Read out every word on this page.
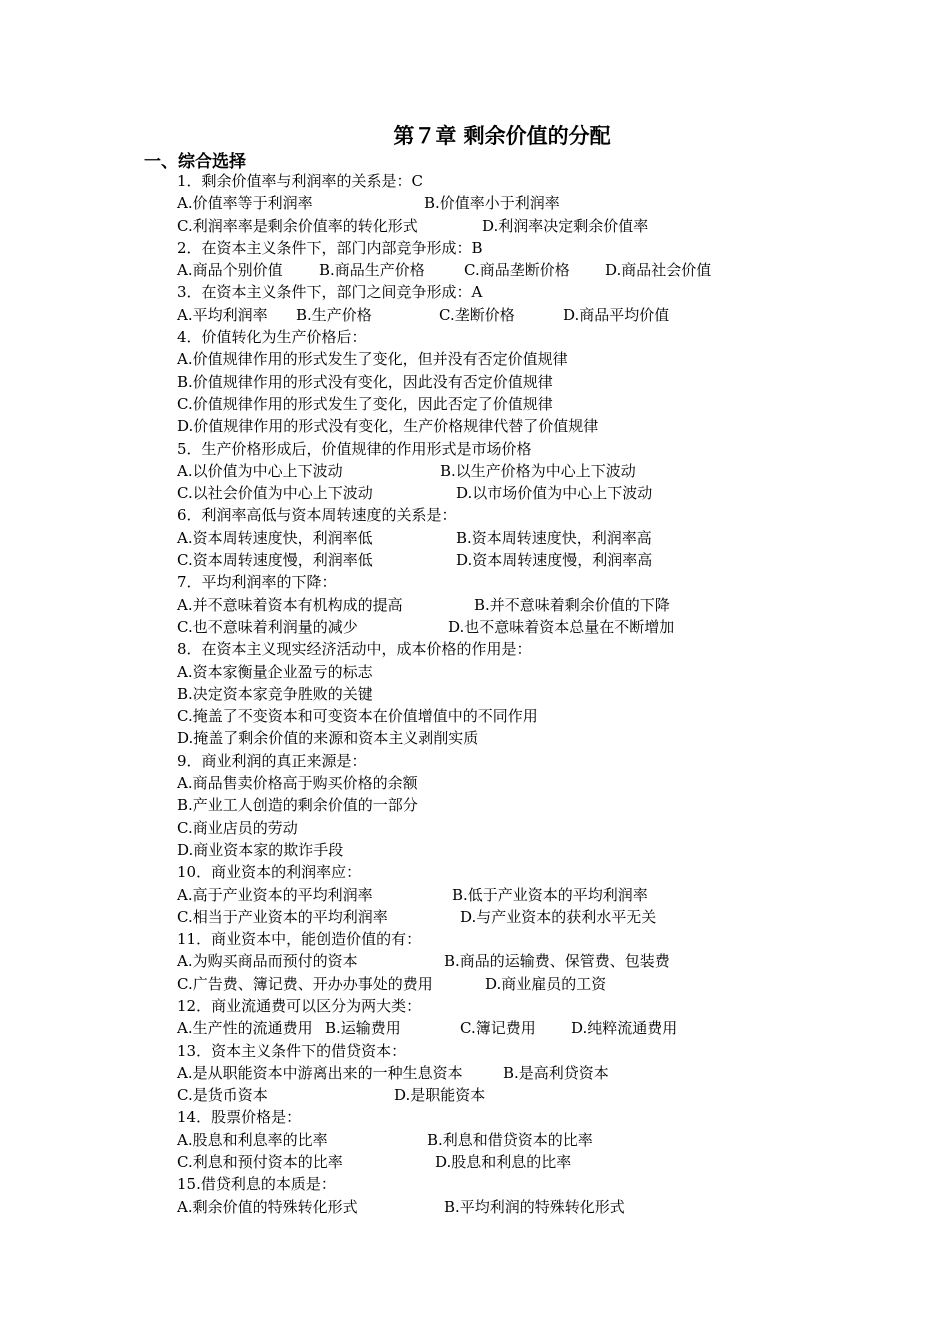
第７章 剩余价值的分配
一、综合选择
1．剩余价值率与利润率的关系是：C
A.价值率等于利润率	B.价值率小于利润率
C.利润率率是剩余价值率的转化形式	D.利润率决定剩余价值率
2．在资本主义条件下，部门内部竞争形成：B
A.商品个别价值 B.商品生产价格	C.商品垄断价格 D.商品社会价值
3．在资本主义条件下，部门之间竞争形成：A
A.平均利润率 B.生产价格	C.垄断价格	D.商品平均价值
4．价值转化为生产价格后：
A.价值规律作用的形式发生了变化，但并没有否定价值规律
B.价值规律作用的形式没有变化，因此没有否定价值规律
C.价值规律作用的形式发生了变化，因此否定了价值规律
D.价值规律作用的形式没有变化，生产价格规律代替了价值规律
5．生产价格形成后，价值规律的作用形式是市场价格
A.以价值为中心上下波动	B.以生产价格为中心上下波动
C.以社会价值为中心上下波动	D.以市场价值为中心上下波动
6．利润率高低与资本周转速度的关系是：
A.资本周转速度快，利润率低	B.资本周转速度快，利润率高
C.资本周转速度慢，利润率低	D.资本周转速度慢，利润率高
7．平均利润率的下降：
A.并不意味着资本有机构成的提高	B.并不意味着剩余价值的下降
C.也不意味着利润量的减少	D.也不意味着资本总量在不断增加
8．在资本主义现实经济活动中，成本价格的作用是：
A.资本家衡量企业盈亏的标志
B.决定资本家竞争胜败的关键
C.掩盖了不变资本和可变资本在价值增值中的不同作用
D.掩盖了剩余价值的来源和资本主义剥削实质
9．商业利润的真正来源是：
A.商品售卖价格高于购买价格的余额
B.产业工人创造的剩余价值的一部分
C.商业店员的劳动
D.商业资本家的欺诈手段
10．商业资本的利润率应：
A.高于产业资本的平均利润率	B.低于产业资本的平均利润率
C.相当于产业资本的平均利润率	D.与产业资本的获利水平无关
11．商业资本中，能创造价值的有：
A.为购买商品而预付的资本	B.商品的运输费、保管费、包装费
C.广告费、簿记费、开办办事处的费用	D.商业雇员的工资
12．商业流通费可以区分为两大类：
A.生产性的流通费用 B.运输费用	C.簿记费用 D.纯粹流通费用
13．资本主义条件下的借贷资本：
A.是从职能资本中游离出来的一种生息资本	B.是高利贷资本
C.是货币资本	D.是职能资本
14．股票价格是：
A.股息和利息率的比率	B.利息和借贷资本的比率
C.利息和预付资本的比率	D.股息和利息的比率
15.借贷利息的本质是：
A.剩余价值的特殊转化形式	B.平均利润的特殊转化形式
